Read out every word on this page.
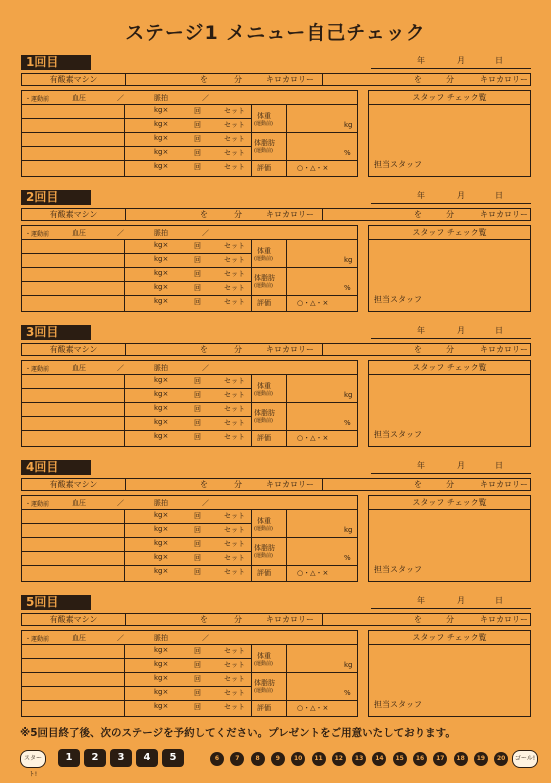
ステージ1 メニュー自己チェック
1回目	年	月	日
有酸素マシン	を	分	キロカロリー	を	分	キロカロリー
・運動前	血圧	／	脈拍	／
kg×	回	セット
kg×	回	セット
kg×	回	セット
kg×	回	セット
kg×	回	セット
体重
(運動前)	kg
体脂肪
(運動前)	%
評価	○・△・×
スタッフ チェック覧
担当スタッフ
2回目	年	月	日
有酸素マシン	を	分	キロカロリー	を	分	キロカロリー
・運動前	血圧	／	脈拍	／
kg×	回	セット
kg×	回	セット
kg×	回	セット
kg×	回	セット
kg×	回	セット
体重
(運動前)	kg
体脂肪
(運動前)	%
評価	○・△・×
スタッフ チェック覧
担当スタッフ
3回目	年	月	日
有酸素マシン	を	分	キロカロリー	を	分	キロカロリー
・運動前	血圧	／	脈拍	／
kg×	回	セット
kg×	回	セット
kg×	回	セット
kg×	回	セット
kg×	回	セット
体重
(運動前)	kg
体脂肪
(運動前)	%
評価	○・△・×
スタッフ チェック覧
担当スタッフ
4回目	年	月	日
有酸素マシン	を	分	キロカロリー	を	分	キロカロリー
・運動前	血圧	／	脈拍	／
kg×	回	セット
kg×	回	セット
kg×	回	セット
kg×	回	セット
kg×	回	セット
体重
(運動前)	kg
体脂肪
(運動前)	%
評価	○・△・×
スタッフ チェック覧
担当スタッフ
5回目	年	月	日
有酸素マシン	を	分	キロカロリー	を	分	キロカロリー
・運動前	血圧	／	脈拍	／
kg×	回	セット
kg×	回	セット
kg×	回	セット
kg×	回	セット
kg×	回	セット
体重
(運動前)	kg
体脂肪
(運動前)	%
評価	○・△・×
スタッフ チェック覧
担当スタッフ
※5回目終了後、次のステージを予約してください。プレゼントをご用意いたしております。
スタート!
1	2	3	4	5	6	7	8	9	10	11	12	13	14	15	16	17	18	19	20	ゴール!
